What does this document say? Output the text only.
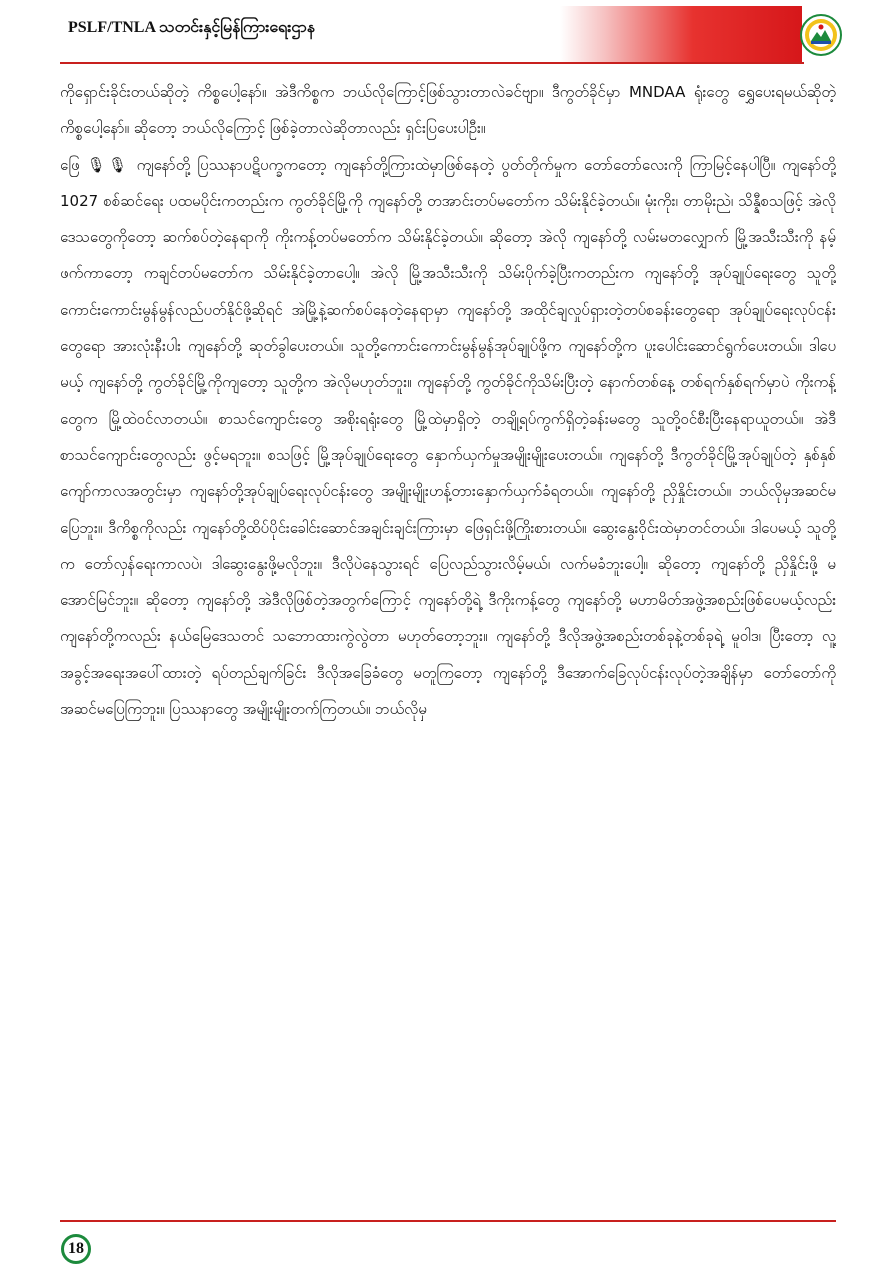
PSLF/TNLA သတင်းနှင့်မြန်ကြားရေးဌာန

ကိုရှောင်းခိုင်းတယ်ဆိုတဲ့ ကိစ္စပေါ့နော်။ အဲဒီကိစ္စက ဘယ်လိုကြောင့်ဖြစ်သွားတာလဲခင်ဗျာ။ ဒီကွတ်ခိုင်မှာ MNDAA ရုံးတွေ ရွှေပေးရမယ်ဆိုတဲ့ ကိစ္စပေါ့နော်။ ဆိုတော့ ဘယ်လိုကြောင့် ဖြစ်ခဲ့တာလဲဆိုတာလည်း ရှင်းပြပေးပါဦး။

ဖြေ 🎙🎙 ကျနော်တို့ ပြဿနာပဋိပက္ခကတော့ ကျနော်တို့ကြားထဲမှာဖြစ်နေတဲ့ ပွတ်တိုက်မှုက တော်တော်လေးကို ကြာမြင့်နေပါပြီ။ ကျနော်တို့ 1027 စစ်ဆင်ရေး ပထမပိုင်းကတည်းက ကွတ်ခိုင်မြို့ကို ကျနော်တို့ တအာင်းတပ်မတော်က သိမ်းနိုင်ခဲ့တယ်။ မုံးကိုး၊ တာမိုးညဲ၊ သိန္နီစသဖြင့် အဲလိုဒေသတွေကိုတော့ ဆက်စပ်တဲ့နေရာကို ကိုးကန့်တပ်မတော်က သိမ်းနိုင်ခဲ့တယ်။ ဆိုတော့ အဲလို ကျနော်တို့ လမ်းမတလျှောက် မြို့အသီးသီးကို နမ့်ဖက်ကာတော့ ကချင်တပ်မတော်က သိမ်းနိုင်ခဲ့တာပေါ့။ အဲလို မြို့အသီးသီးကို သိမ်းပိုက်ခဲ့ပြီးကတည်းက ကျနော်တို့ အုပ်ချုပ်ရေးတွေ သူတို့ကောင်းကောင်းမွန်မွန်လည်ပတ်နိုင်ဖို့ဆိုရင် အဲမြို့နဲ့ဆက်စပ်နေတဲ့နေရာမှာ ကျနော်တို့ အထိုင်ချလှုပ်ရှားတဲ့တပ်စခန်းတွေရော အုပ်ချုပ်ရေးလုပ်ငန်းတွေရော အားလုံးနီးပါး ကျနော်တို့ ဆုတ်ခွါပေးတယ်။ သူတို့ကောင်းကောင်းမွန်မွန်အုပ်ချုပ်ဖို့က ကျနော်တို့က ပူးပေါင်းဆောင်ရွက်ပေးတယ်။ ဒါပေမယ့် ကျနော်တို့ ကွတ်ခိုင်မြို့ကိုကျတော့ သူတို့က အဲလိုမဟုတ်ဘူး။ ကျနော်တို့ ကွတ်ခိုင်ကိုသိမ်းပြီးတဲ့ နောက်တစ်နေ့ တစ်ရက်နှစ်ရက်မှာပဲ ကိုးကန့်တွေက မြို့ထဲဝင်လာတယ်။ စာသင်ကျောင်းတွေ အစိုးရရုံးတွေ မြို့ထဲမှာရှိတဲ့ တချို့ရပ်ကွက်ရှိတဲ့ခန်းမတွေ သူတို့ဝင်စီးပြီးနေရာယူတယ်။ အဲဒီစာသင်ကျောင်းတွေလည်း ဖွင့်မရဘူး။ စသဖြင့် မြို့အုပ်ချုပ်ရေးတွေ နှောက်ယှက်မှုအမျိုးမျိုးပေးတယ်။ ကျနော်တို့ ဒီကွတ်ခိုင်မြို့အုပ်ချုပ်တဲ့ နှစ်နှစ်ကျော်ကာလအတွင်းမှာ ကျနော်တို့အုပ်ချုပ်ရေးလုပ်ငန်းတွေ အမျိုးမျိုးဟန့်တားနှောက်ယှက်ခံရတယ်။ ကျနော်တို့ ညှိနှိုင်းတယ်။ ဘယ်လိုမှအဆင်မပြေဘူး။ ဒီကိစ္စကိုလည်း ကျနော်တို့ထိပ်ပိုင်းခေါင်းဆောင်အချင်းချင်းကြားမှာ ဖြေရှင်းဖို့ကြိုးစားတယ်။ ဆွေးနွေးဝိုင်းထဲမှာတင်တယ်။ ဒါပေမယ့် သူတို့က တော်လှန်ရေးကာလပဲ၊ ဒါဆွေးနွေးဖို့မလိုဘူး။ ဒီလိုပဲနေသွားရင် ပြေလည်သွားလိမ့်မယ်၊ လက်မခံဘူးပေါ့။ ဆိုတော့ ကျနော်တို့ ညှိနှိုင်းဖို့ မအောင်မြင်ဘူး။ ဆိုတော့ ကျနော်တို့ အဲဒီလိုဖြစ်တဲ့အတွက်ကြောင့် ကျနော်တို့ရဲ့ ဒီကိုးကန့်တွေ ကျနော်တို့ မဟာမိတ်အဖွဲ့အစည်းဖြစ်ပေမယ့်လည်း ကျနော်တို့ကလည်း နယ်မြေဒေသတင် သဘောထားကွဲလွဲတာ မဟုတ်တော့ဘူး။ ကျနော်တို့ ဒီလိုအဖွဲ့အစည်းတစ်ခုနဲ့တစ်ခုရဲ့ မူဝါဒ၊ ပြီးတော့ လူ့အခွင့်အရေးအပေါ်ထားတဲ့ ရပ်တည်ချက်ခြင်း ဒီလိုအခြေခံတွေ မတူကြတော့ ကျနော်တို့ ဒီအောက်ခြေလုပ်ငန်းလုပ်တဲ့အချိန်မှာ တော်တော်ကို အဆင်မပြေကြဘူး။ ပြဿနာတွေ အမျိုးမျိုးတက်ကြတယ်။ ဘယ်လိုမှ

18
